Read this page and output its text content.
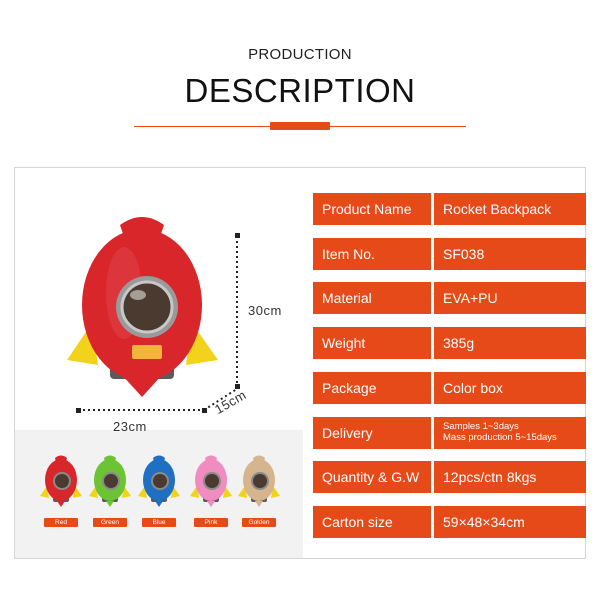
PRODUCTION
DESCRIPTION
30cm
23cm
15cm
Red	Green	Blue	Pink	Golden
Product Name	Rocket Backpack
Item No.	SF038
Material	EVA+PU
Weight	385g
Package	Color box
Delivery	Samples 1~3days
Mass production 5~15days
Quantity & G.W	12pcs/ctn 8kgs
Carton size	59×48×34cm
